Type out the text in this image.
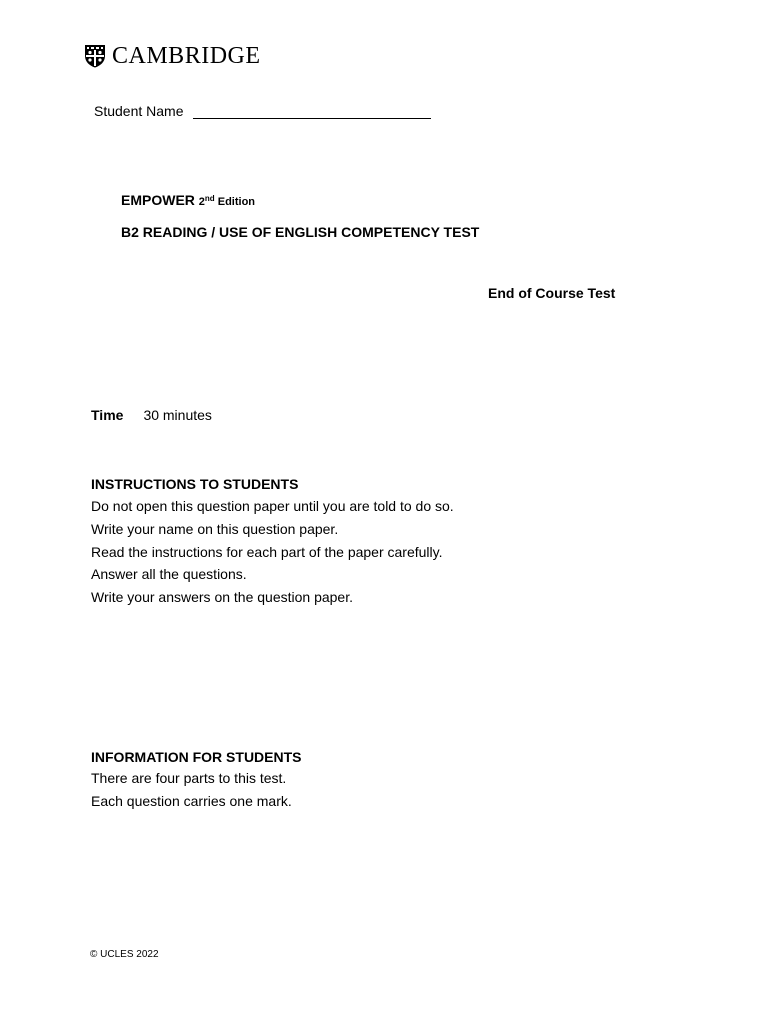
CAMBRIDGE
Student Name
EMPOWER 2nd Edition
B2 READING / USE OF ENGLISH COMPETENCY TEST
End of Course Test
Time 30 minutes
INSTRUCTIONS TO STUDENTS
Do not open this question paper until you are told to do so.
Write your name on this question paper.
Read the instructions for each part of the paper carefully.
Answer all the questions.
Write your answers on the question paper.
INFORMATION FOR STUDENTS
There are four parts to this test.
Each question carries one mark.
© UCLES 2022
